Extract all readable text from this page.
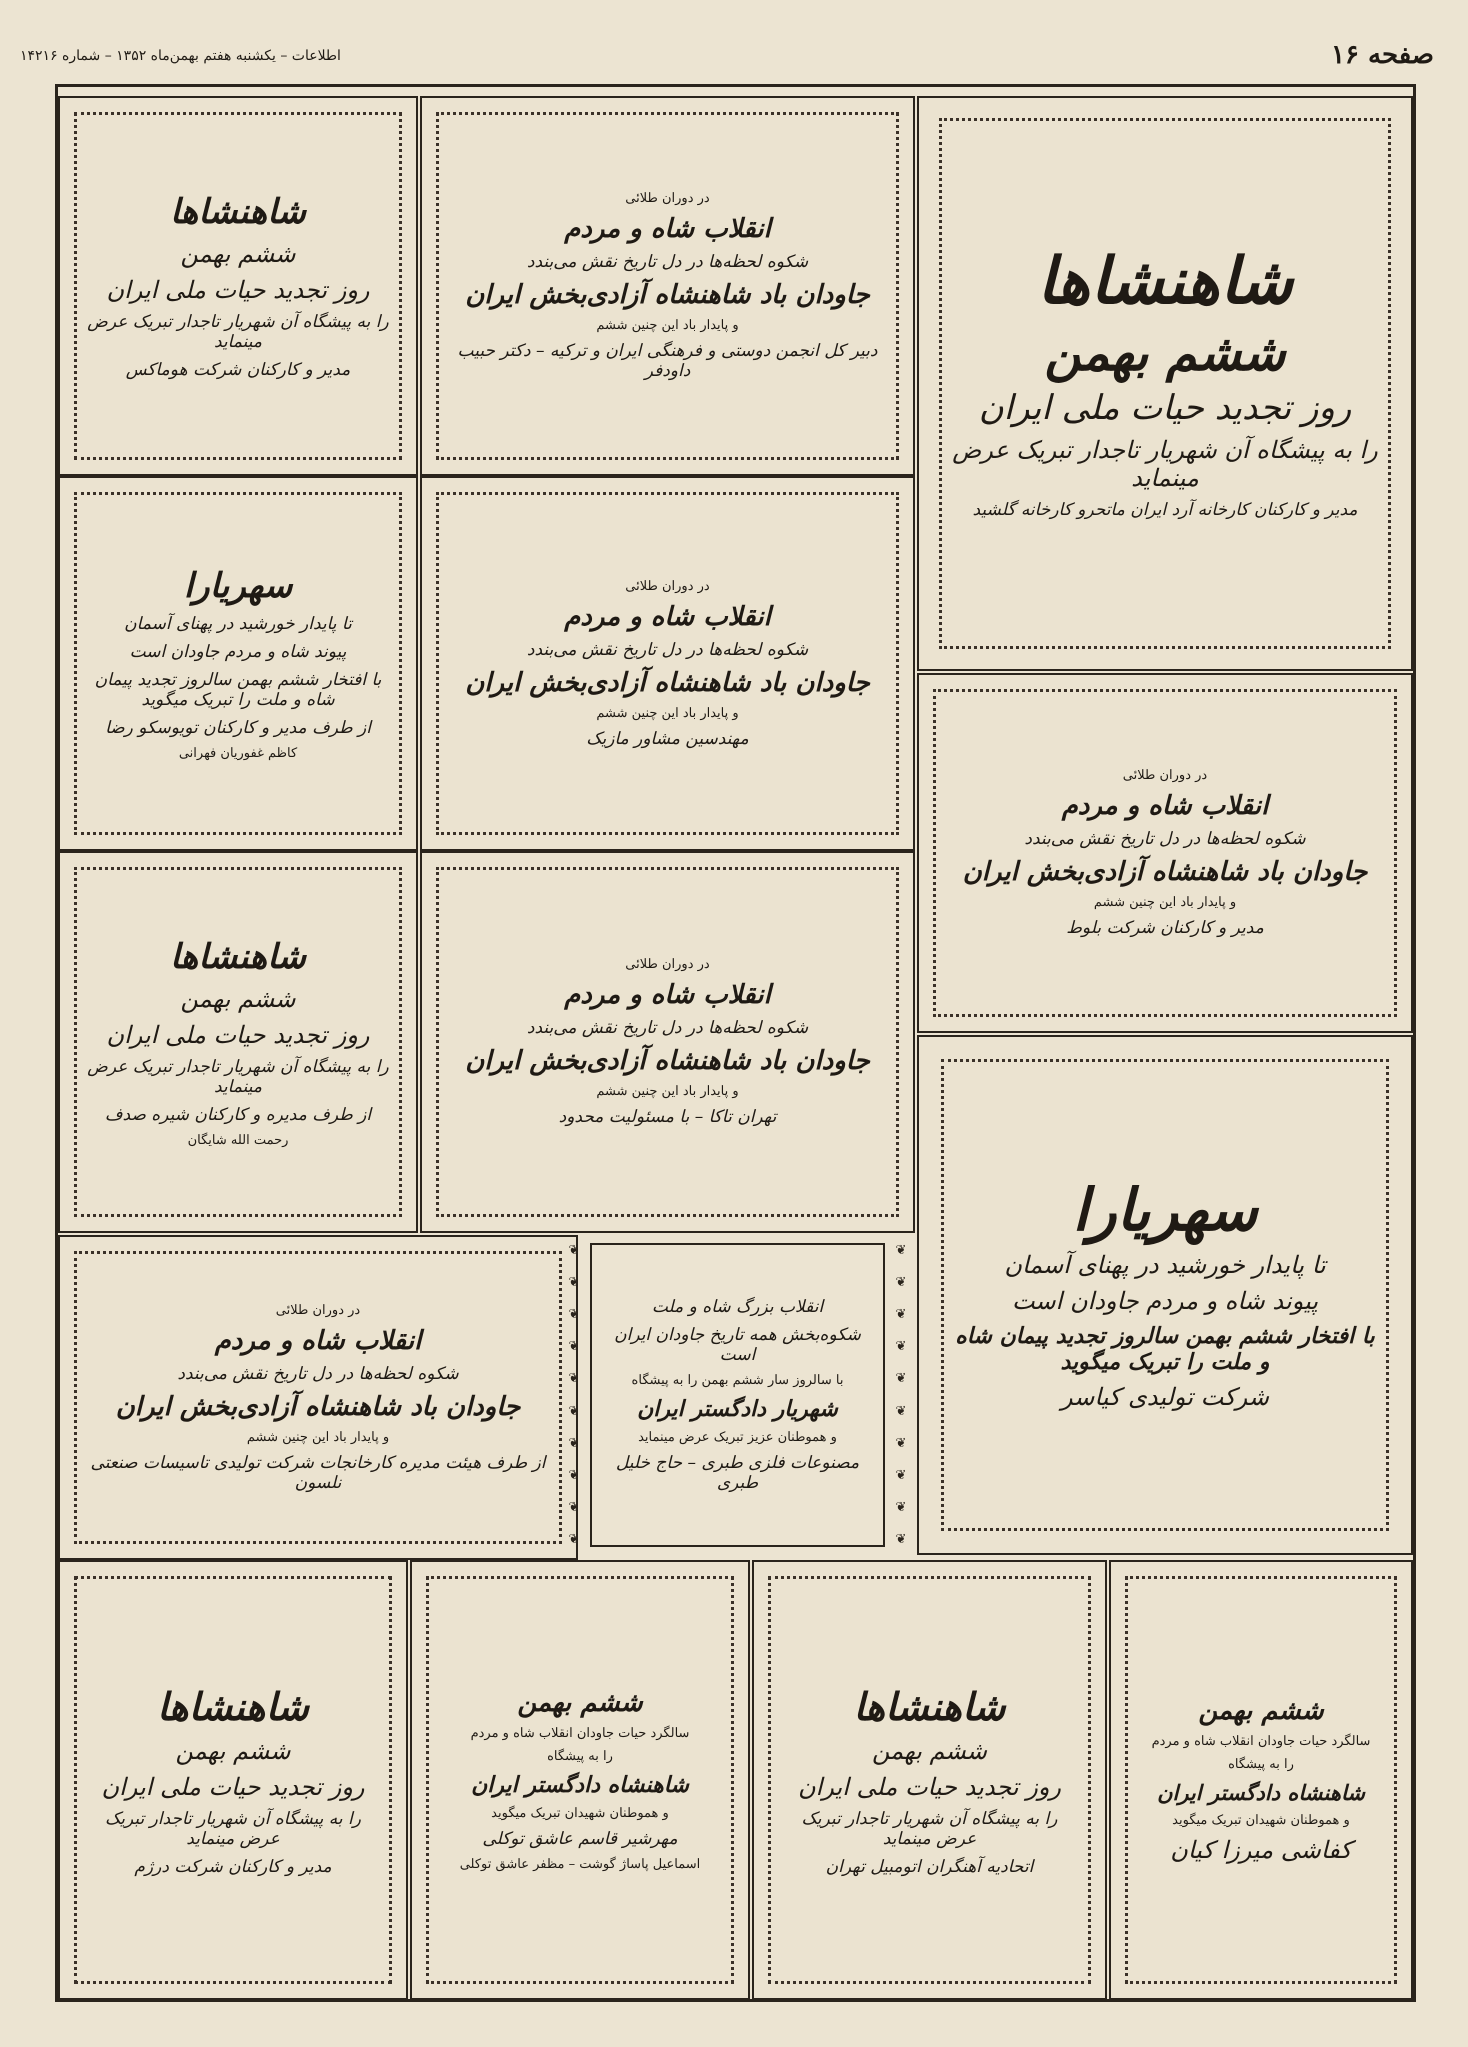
صفحه ۱۶
اطلاعات – یکشنبه هفتم بهمن‌ماه ۱۳۵۲ – شماره ۱۴۲۱۶
شاهنشاها
ششم بهمن
روز تجدید حیات ملی ایران
را به پیشگاه آن شهریار تاجدار تبریک عرض مینماید
مدیر و کارکنان شرکت هوماکس
در دوران طلائی
انقلاب شاه و مردم
شکوه لحظه‌ها در دل تاریخ نقش می‌بندد
جاودان باد شاهنشاه آزادی‌بخش ایران
و پایدار باد این چنین ششم
دبیر کل انجمن دوستی و فرهنگی ایران و ترکیه – دکتر حبیب داودفر
شاهنشاها
ششم بهمن
روز تجدید حیات ملی ایران
را به پیشگاه آن شهریار تاجدار تبریک عرض مینماید
مدیر و کارکنان کارخانه آرد ایران ماتحرو کارخانه گلشید
سهریارا
تا پایدار خورشید در پهنای آسمان
پیوند شاه و مردم جاودان است
با افتخار ششم بهمن سالروز تجدید پیمان شاه و ملت را تبریک میگوید
از طرف مدیر و کارکنان تویوسکو رضا
کاظم غفوریان فهرانی
در دوران طلائی
انقلاب شاه و مردم
شکوه لحظه‌ها در دل تاریخ نقش می‌بندد
جاودان باد شاهنشاه آزادی‌بخش ایران
و پایدار باد این چنین ششم
مهندسین مشاور مازیک
در دوران طلائی
انقلاب شاه و مردم
شکوه لحظه‌ها در دل تاریخ نقش می‌بندد
جاودان باد شاهنشاه آزادی‌بخش ایران
و پایدار باد این چنین ششم
مدیر و کارکنان شرکت بلوط
شاهنشاها
ششم بهمن
روز تجدید حیات ملی ایران
را به پیشگاه آن شهریار تاجدار تبریک عرض مینماید
از طرف مدیره و کارکنان شیره صدف
رحمت الله شایگان
در دوران طلائی
انقلاب شاه و مردم
شکوه لحظه‌ها در دل تاریخ نقش می‌بندد
جاودان باد شاهنشاه آزادی‌بخش ایران
و پایدار باد این چنین ششم
تهران تاکا – با مسئولیت محدود
سهریارا
تا پایدار خورشید در پهنای آسمان
پیوند شاه و مردم جاودان است
با افتخار ششم بهمن سالروز تجدید پیمان شاه و ملت را تبریک میگوید
شرکت تولیدی کیاسر
در دوران طلائی
انقلاب شاه و مردم
شکوه لحظه‌ها در دل تاریخ نقش می‌بندد
جاودان باد شاهنشاه آزادی‌بخش ایران
و پایدار باد این چنین ششم
از طرف هیئت مدیره کارخانجات شرکت تولیدی تاسیسات صنعتی نلسون
❦
❦
❦
❦
❦
❦
❦
❦
❦
❦
❦
❦
❦
❦
❦
❦
❦
❦
❦
❦
انقلاب بزرگ شاه و ملت
شکوه‌بخش همه تاریخ جاودان ایران است
با سالروز سار ششم بهمن را به پیشگاه
شهریار دادگستر ایران
و هموطنان عزیز تبریک عرض مینماید
مصنوعات فلزی طبری – حاج خلیل طبری
شاهنشاها
ششم بهمن
روز تجدید حیات ملی ایران
را به پیشگاه آن شهریار تاجدار تبریک عرض مینماید
مدیر و کارکنان شرکت درژم
ششم بهمن
سالگرد حیات جاودان انقلاب شاه و مردم
را به پیشگاه
شاهنشاه دادگستر ایران
و هموطنان شهیدان تبریک میگوید
مهرشیر قاسم عاشق توکلی
اسماعیل پاساژ گوشت – مظفر عاشق توکلی
شاهنشاها
ششم بهمن
روز تجدید حیات ملی ایران
را به پیشگاه آن شهریار تاجدار تبریک عرض مینماید
اتحادیه آهنگران اتومبیل تهران
ششم بهمن
سالگرد حیات جاودان انقلاب شاه و مردم
را به پیشگاه
شاهنشاه دادگستر ایران
و هموطنان شهیدان تبریک میگوید
کفاشی میرزا کیان
